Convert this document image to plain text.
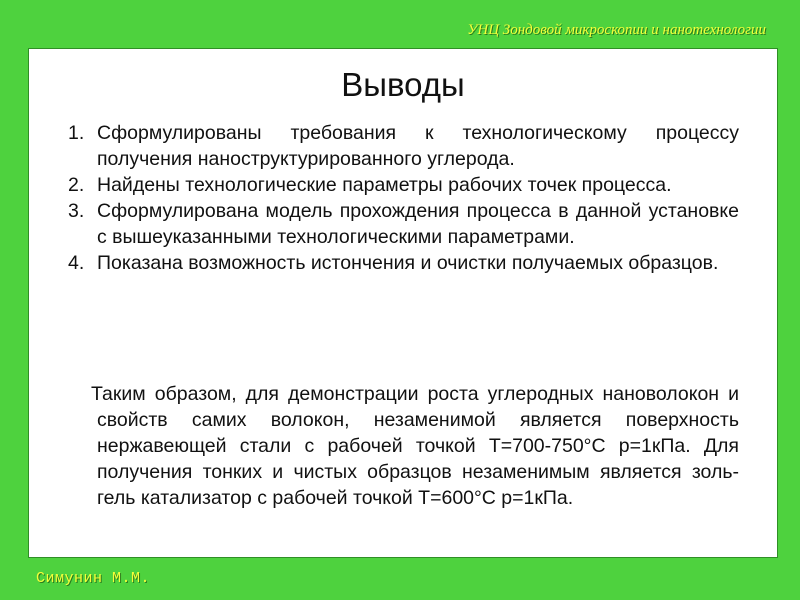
УНЦ Зондовой микроскопии и нанотехнологии
Выводы
1. Сформулированы требования к технологическому процессу получения наноструктурированного углерода.
2. Найдены технологические параметры рабочих точек процесса.
3. Сформулирована модель прохождения процесса в данной установке с вышеуказанными технологическими параметрами.
4. Показана возможность истончения и очистки получаемых образцов.

Таким образом, для демонстрации роста углеродных нановолокон и свойств самих волокон, незаменимой является поверхность нержавеющей стали с рабочей точкой T=700-750°C p=1кПа. Для получения тонких и чистых образцов незаменимым является золь-гель катализатор с рабочей точкой T=600°C p=1кПа.

Симунин М.М.
